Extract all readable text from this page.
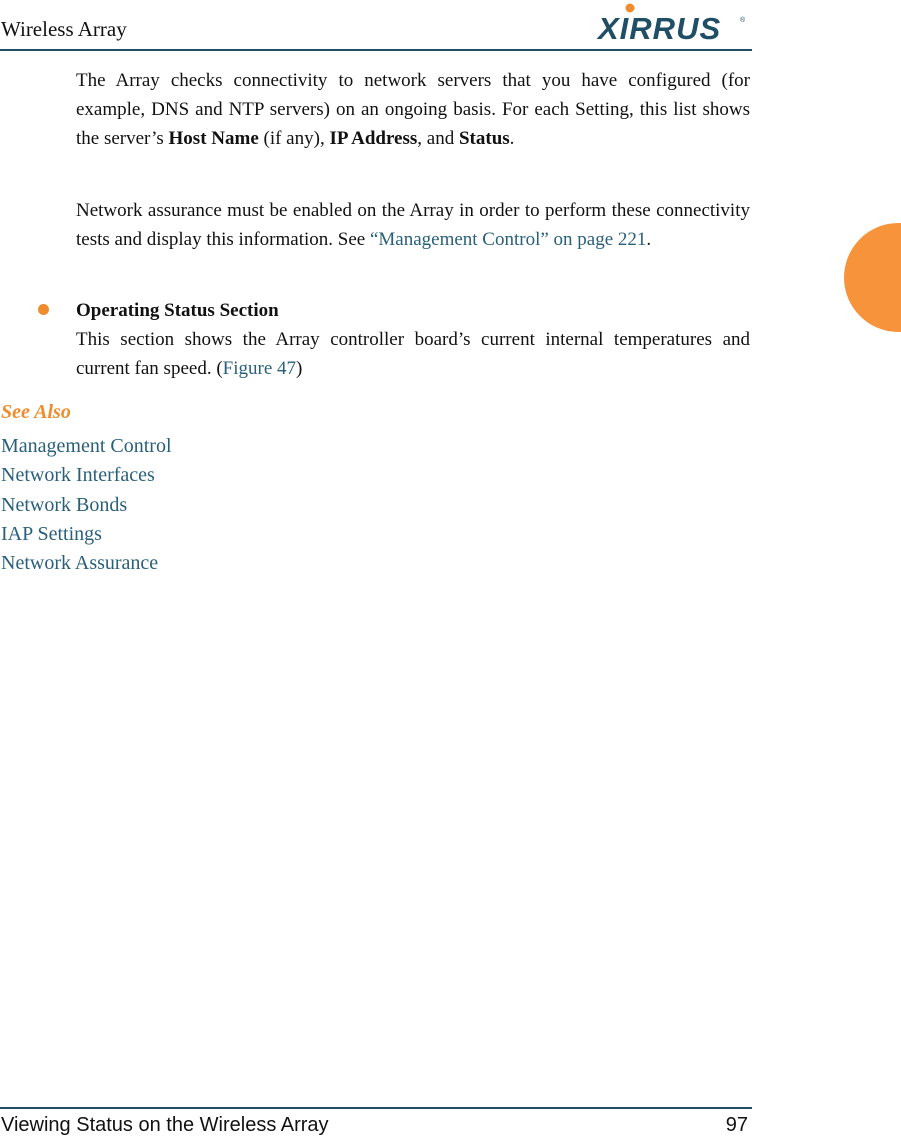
Wireless Array	XIRRUS	®

The Array checks connectivity to network servers that you have configured (for example, DNS and NTP servers) on an ongoing basis. For each Setting, this list shows the server’s Host Name (if any), IP Address, and Status.

Network assurance must be enabled on the Array in order to perform these connectivity tests and display this information. See “Management Control” on page 221.

Operating Status Section
This section shows the Array controller board’s current internal temperatures and current fan speed. (Figure 47)

See Also
Management Control
Network Interfaces
Network Bonds
IAP Settings
Network Assurance
Viewing Status on the Wireless Array	97
